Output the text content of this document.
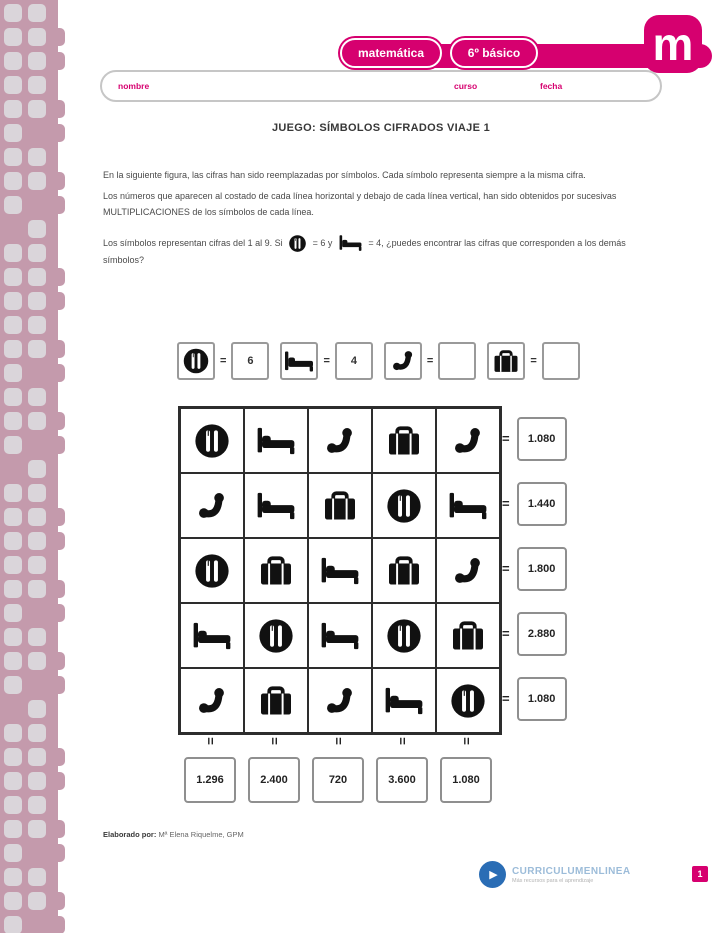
matemática	6º básico	m
nombre	curso	fecha
JUEGO: SÍMBOLOS CIFRADOS VIAJE 1

En la siguiente figura, las cifras han sido reemplazadas por símbolos. Cada símbolo representa siempre a la misma cifra.

Los números que aparecen al costado de cada línea horizontal y debajo de cada línea vertical, han sido obtenidos por sucesivas MULTIPLICACIONES de los símbolos de cada línea.

Los símbolos representan cifras del 1 al 9. Si	= 6 y	= 4, ¿puedes encontrar las cifras que corresponden a los demás símbolos?

=	6	=	4	=	=
=	1.080
=	1.440
=	1.800
=	2.880
=	1.080
=
1.296
=
2.400
=
720
=
3.600
=
1.080
Elaborado por: Mª Elena Riquelme, GPM
▶ CURRICULUMENLINEA
Más recursos para el aprendizaje
1
